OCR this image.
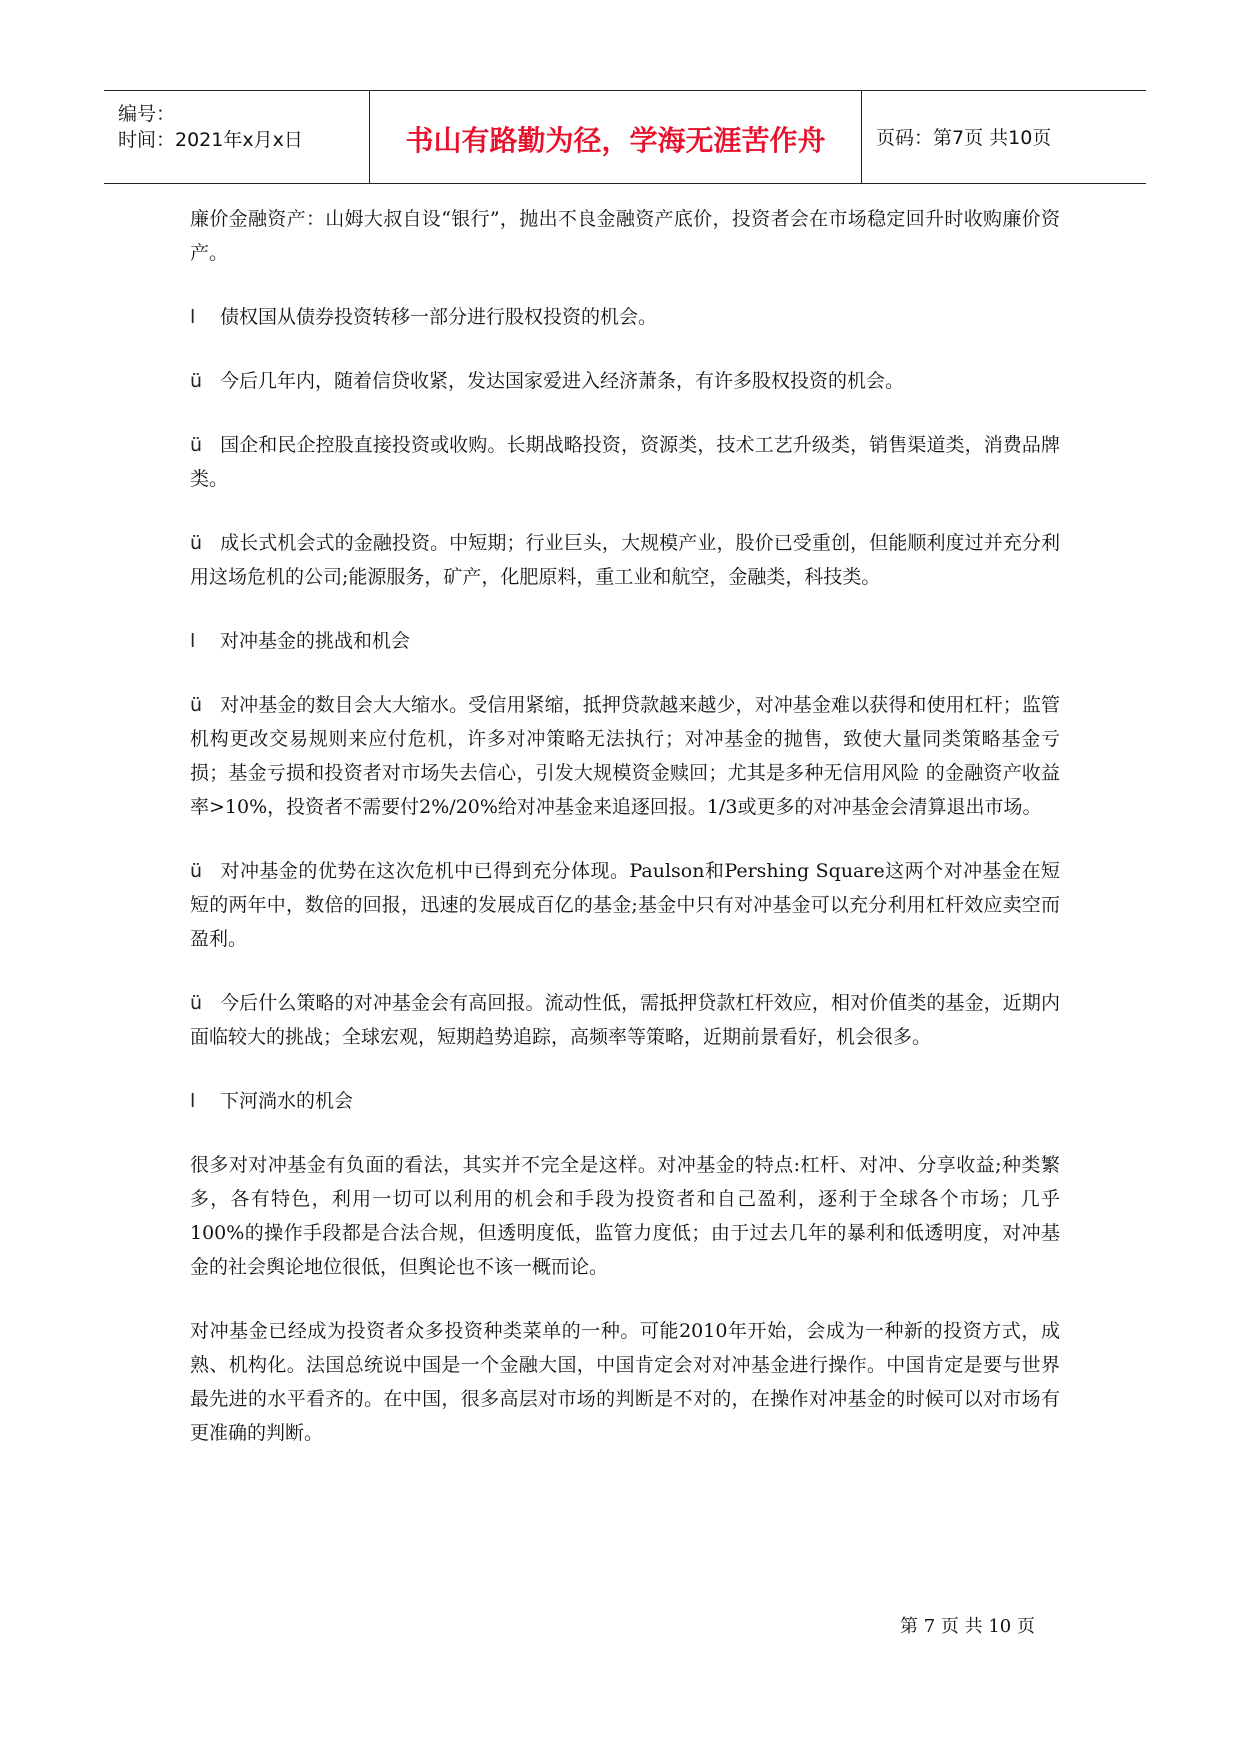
编号：
时间：2021年x月x日	书山有路勤为径，学海无涯苦作舟	页码：第7页 共10页

廉价金融资产：山姆大叔自设“银行”，抛出不良金融资产底价，投资者会在市场稳定回升时收购廉价资产。

l 债权国从债券投资转移一部分进行股权投资的机会。

ü 今后几年内，随着信贷收紧，发达国家爱进入经济萧条，有许多股权投资的机会。

ü 国企和民企控股直接投资或收购。长期战略投资，资源类，技术工艺升级类，销售渠道类，消费品牌类。

ü 成长式机会式的金融投资。中短期；行业巨头，大规模产业，股价已受重创，但能顺利度过并充分利用这场危机的公司;能源服务，矿产，化肥原料，重工业和航空，金融类，科技类。

l 对冲基金的挑战和机会

ü 对冲基金的数目会大大缩水。受信用紧缩，抵押贷款越来越少，对冲基金难以获得和使用杠杆；监管机构更改交易规则来应付危机，许多对冲策略无法执行；对冲基金的抛售，致使大量同类策略基金亏损；基金亏损和投资者对市场失去信心，引发大规模资金赎回；尤其是多种无信用风险 的金融资产收益率>10%，投资者不需要付2%/20%给对冲基金来追逐回报。1/3或更多的对冲基金会清算退出市场。

ü 对冲基金的优势在这次危机中已得到充分体现。Paulson和Pershing Square这两个对冲基金在短短的两年中，数倍的回报，迅速的发展成百亿的基金;基金中只有对冲基金可以充分利用杠杆效应卖空而盈利。

ü 今后什么策略的对冲基金会有高回报。流动性低，需抵押贷款杠杆效应，相对价值类的基金，近期内面临较大的挑战；全球宏观，短期趋势追踪，高频率等策略，近期前景看好，机会很多。

l 下河淌水的机会

很多对对冲基金有负面的看法，其实并不完全是这样。对冲基金的特点:杠杆、对冲、分享收益;种类繁多，各有特色，利用一切可以利用的机会和手段为投资者和自己盈利，逐利于全球各个市场；几乎100%的操作手段都是合法合规，但透明度低，监管力度低；由于过去几年的暴利和低透明度，对冲基金的社会舆论地位很低，但舆论也不该一概而论。

对冲基金已经成为投资者众多投资种类菜单的一种。可能2010年开始，会成为一种新的投资方式，成熟、机构化。法国总统说中国是一个金融大国，中国肯定会对对冲基金进行操作。中国肯定是要与世界最先进的水平看齐的。在中国，很多高层对市场的判断是不对的，在操作对冲基金的时候可以对市场有更准确的判断。

第 7 页 共 10 页
